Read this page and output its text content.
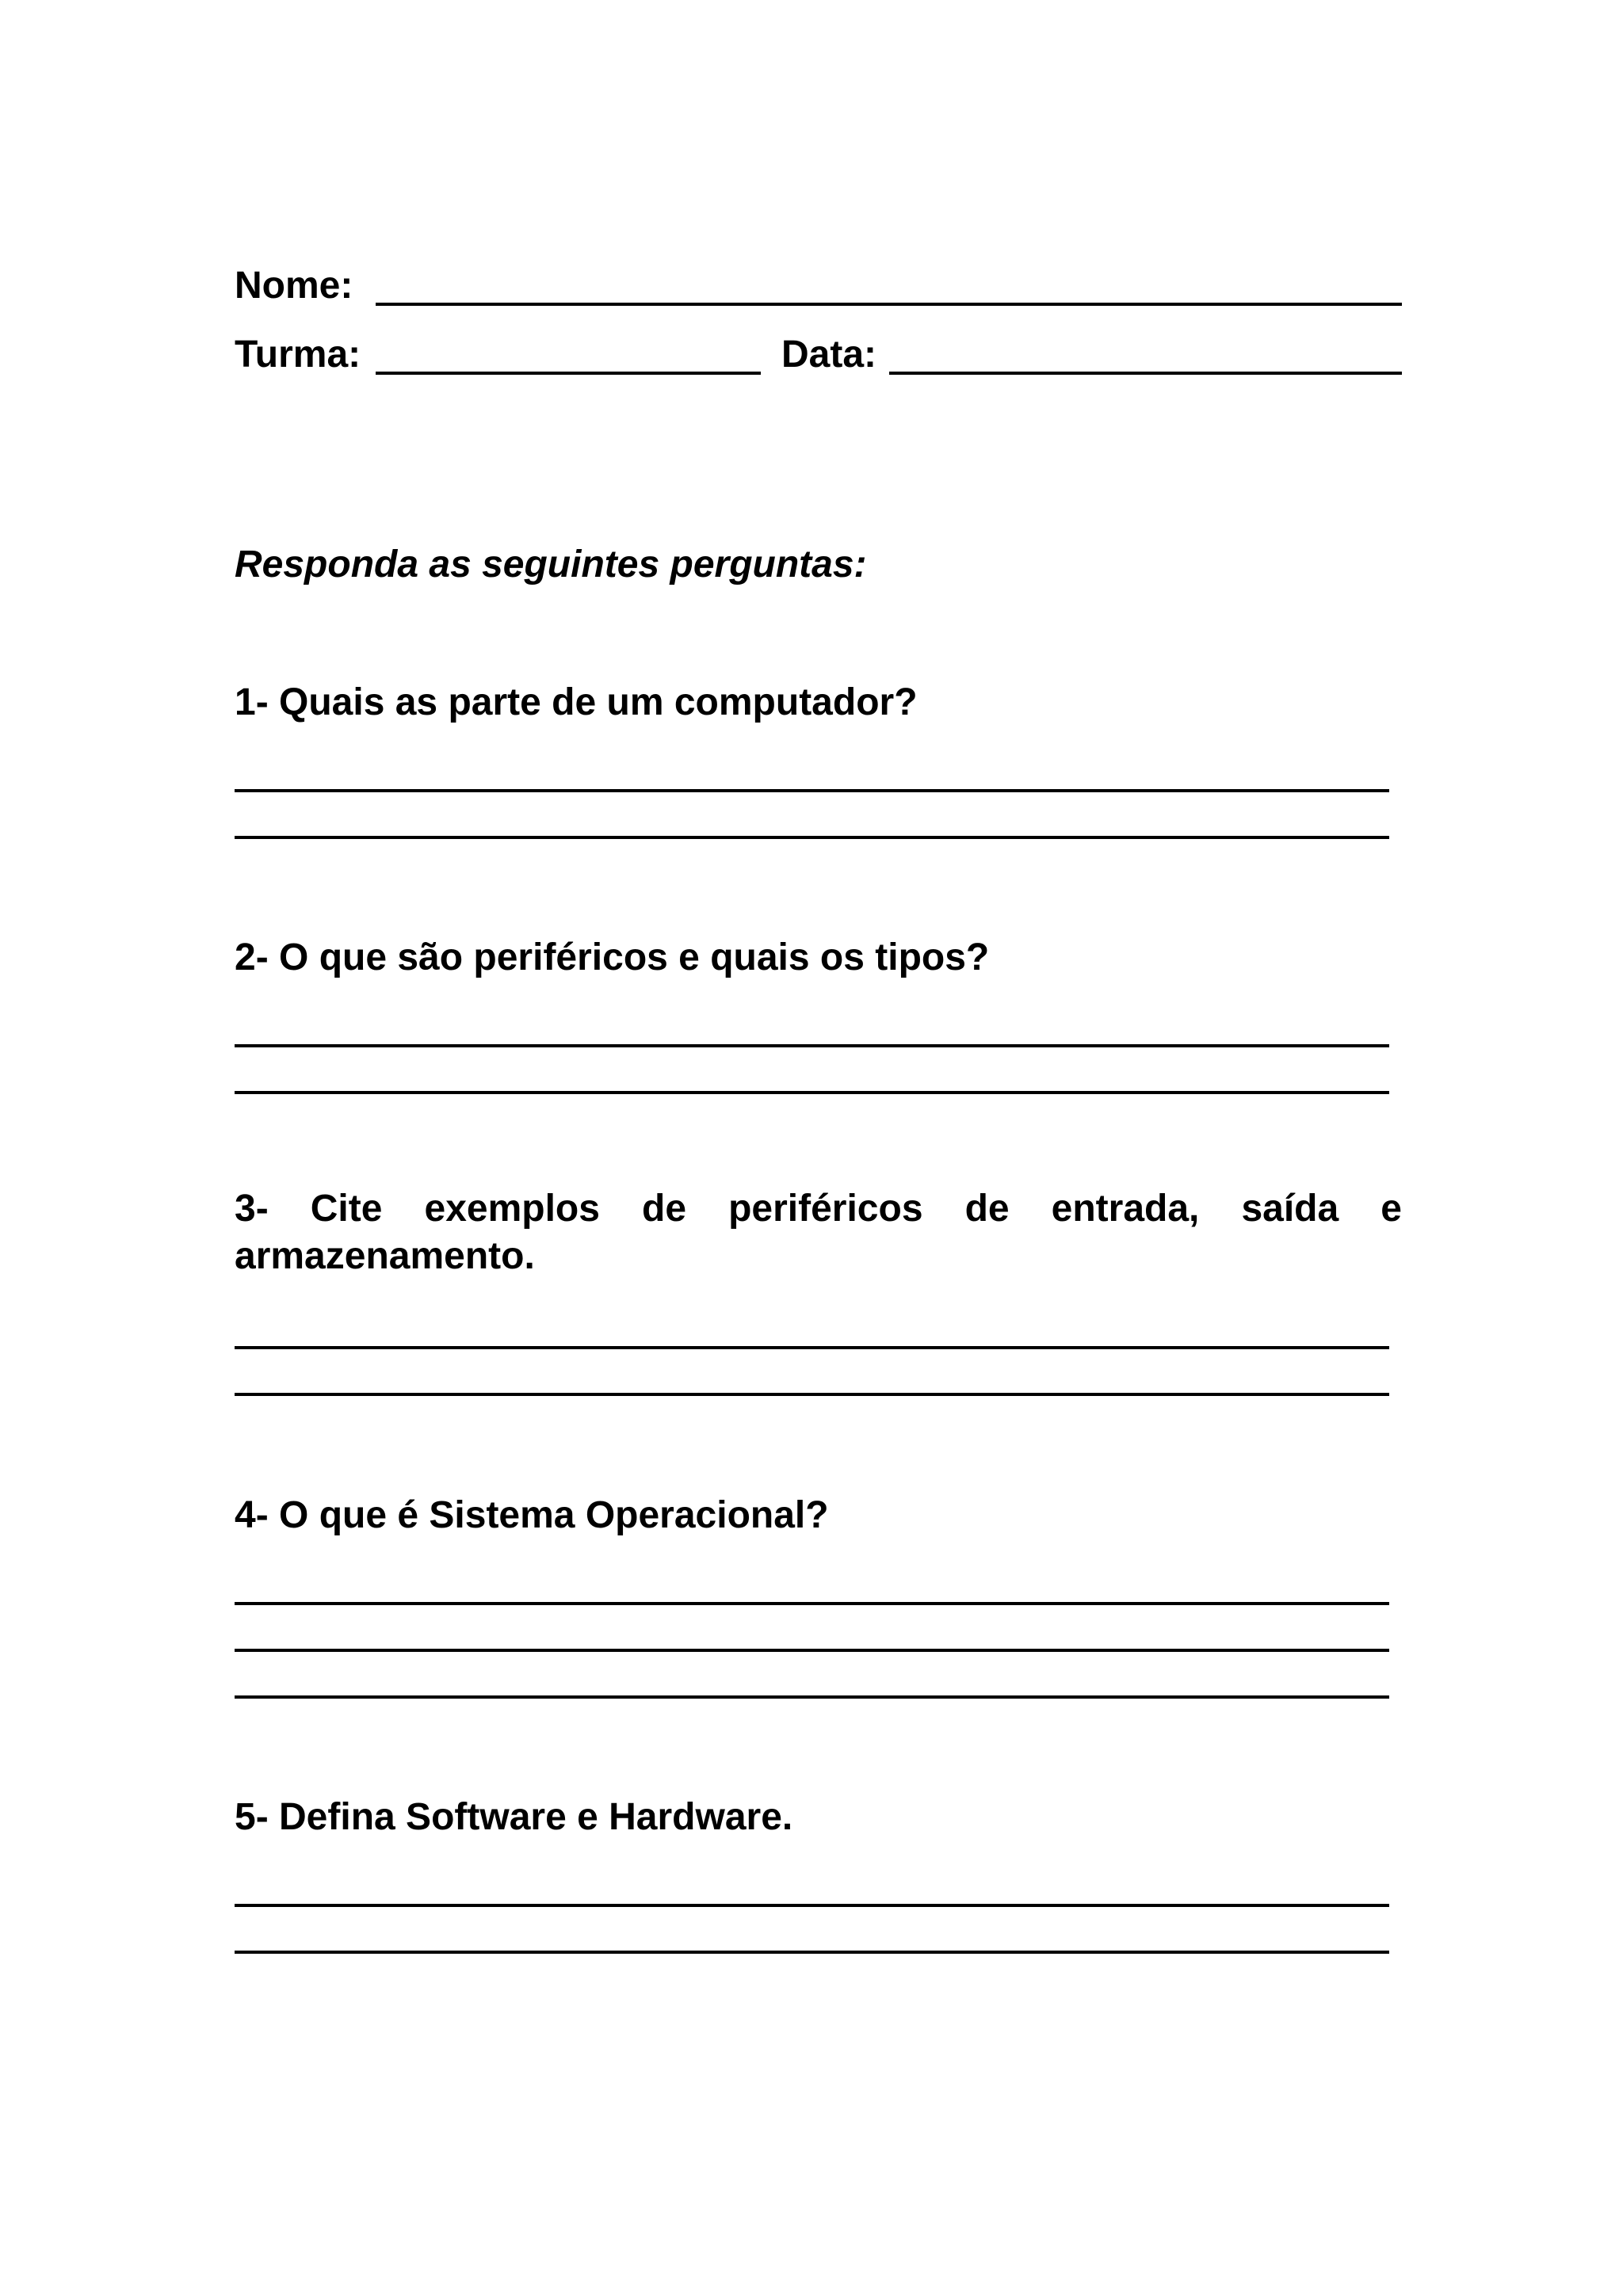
Nome:

Turma:	Data:

Responda as seguintes perguntas:

1- Quais as parte de um computador?

2- O que são periféricos e quais os tipos?

3- Cite exemplos de periféricos de entrada, saída e
armazenamento.

4- O que é Sistema Operacional?

5- Defina Software e Hardware.
